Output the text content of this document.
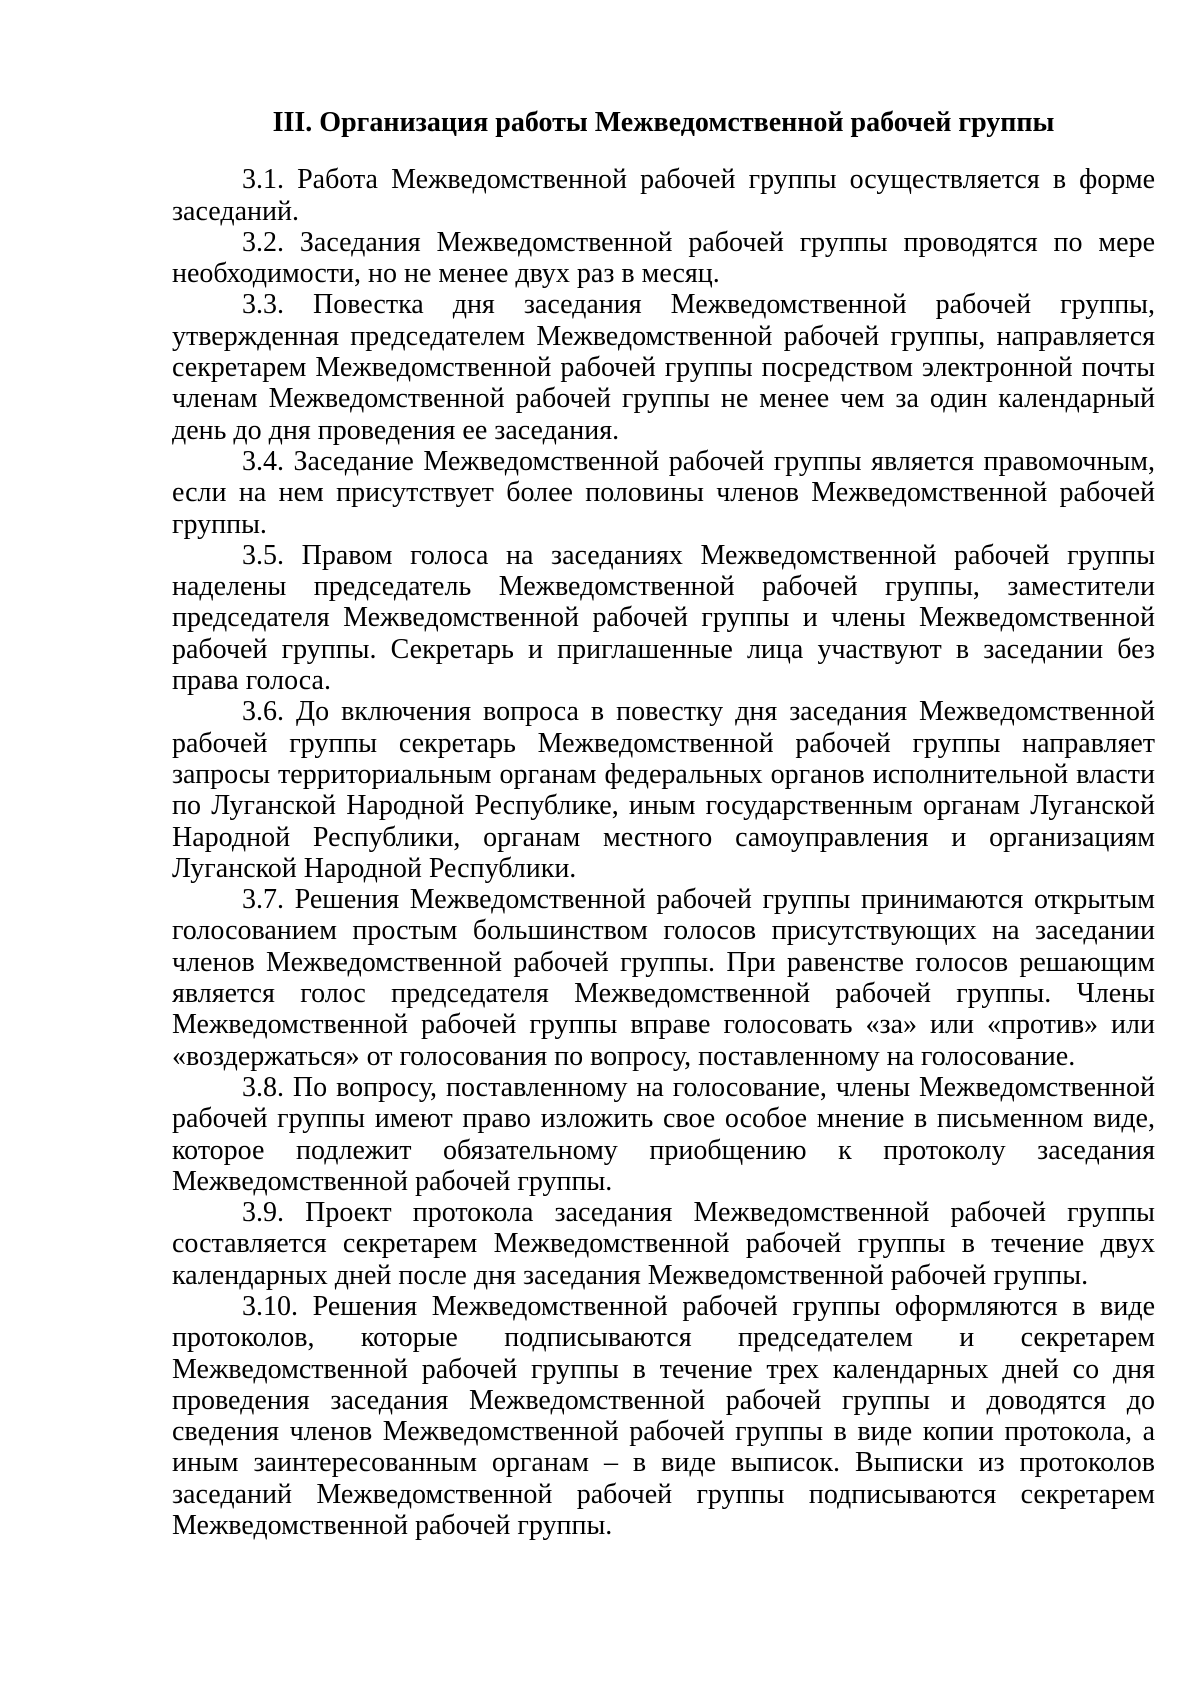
III. Организация работы Межведомственной рабочей группы

3.1. Работа Межведомственной рабочей группы осуществляется в форме заседаний.

3.2. Заседания Межведомственной рабочей группы проводятся по мере необходимости, но не менее двух раз в месяц.

3.3. Повестка дня заседания Межведомственной рабочей группы, утвержденная председателем Межведомственной рабочей группы, направляется секретарем Межведомственной рабочей группы посредством электронной почты членам Межведомственной рабочей группы не менее чем за один календарный день до дня проведения ее заседания.

3.4. Заседание Межведомственной рабочей группы является правомочным, если на нем присутствует более половины членов Межведомственной рабочей группы.

3.5. Правом голоса на заседаниях Межведомственной рабочей группы наделены председатель Межведомственной рабочей группы, заместители председателя Межведомственной рабочей группы и члены Межведомственной рабочей группы. Секретарь и приглашенные лица участвуют в заседании без права голоса.

3.6. До включения вопроса в повестку дня заседания Межведомственной рабочей группы секретарь Межведомственной рабочей группы направляет запросы территориальным органам федеральных органов исполнительной власти по Луганской Народной Республике, иным государственным органам Луганской Народной Республики, органам местного самоуправления и организациям Луганской Народной Республики.

3.7. Решения Межведомственной рабочей группы принимаются открытым голосованием простым большинством голосов присутствующих на заседании членов Межведомственной рабочей группы. При равенстве голосов решающим является голос председателя Межведомственной рабочей группы. Члены Межведомственной рабочей группы вправе голосовать «за» или «против» или «воздержаться» от голосования по вопросу, поставленному на голосование.

3.8. По вопросу, поставленному на голосование, члены Межведомственной рабочей группы имеют право изложить свое особое мнение в письменном виде, которое подлежит обязательному приобщению к протоколу заседания Межведомственной рабочей группы.

3.9. Проект протокола заседания Межведомственной рабочей группы составляется секретарем Межведомственной рабочей группы в течение двух календарных дней после дня заседания Межведомственной рабочей группы.

3.10. Решения Межведомственной рабочей группы оформляются в виде протоколов, которые подписываются председателем и секретарем Межведомственной рабочей группы в течение трех календарных дней со дня проведения заседания Межведомственной рабочей группы и доводятся до сведения членов Межведомственной рабочей группы в виде копии протокола, а иным заинтересованным органам – в виде выписок. Выписки из протоколов заседаний Межведомственной рабочей группы подписываются секретарем Межведомственной рабочей группы.
